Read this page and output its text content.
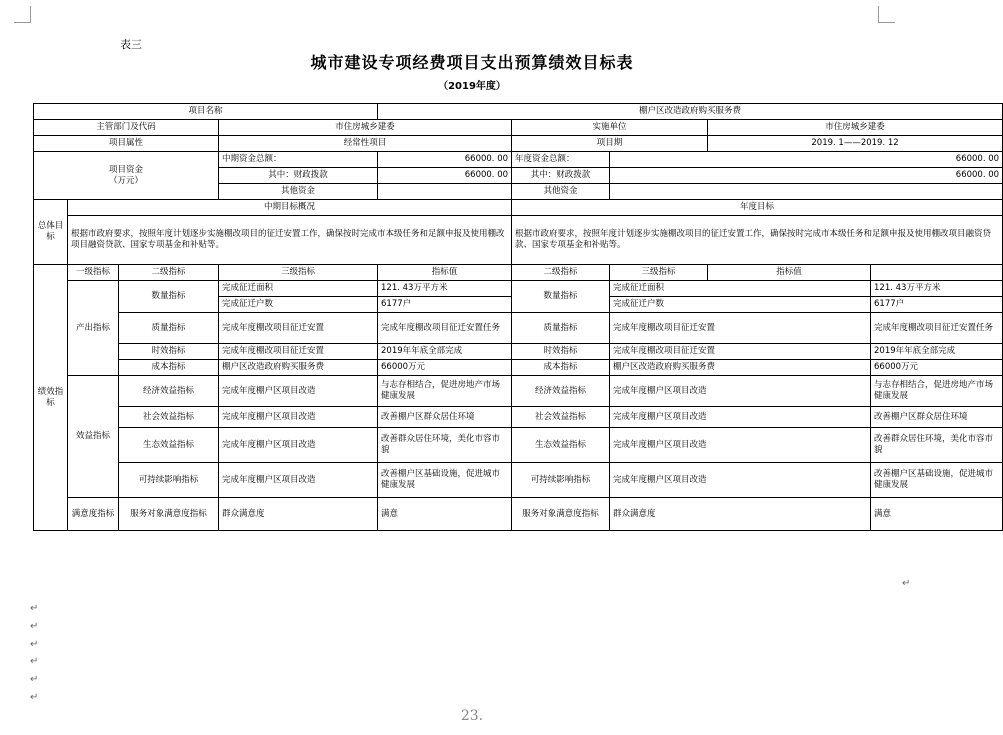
表三
城市建设专项经费项目支出预算绩效目标表
（2019年度）
项目名称				棚户区改造政府购买服务费				
主管部门及代码			市住房城乡建委		实施单位		市住房城乡建委	
项目属性			经常性项目		项目期		2019. 1——2019. 12	

项目资金
（万元）			中期资金总额：	66000. 00	年度资金总额：	66000. 00		
			其中：财政拨款	66000. 00	其中：财政拨款	66000. 00		
			其他资金		其他资金			
总体目标	中期目标概况				年度目标			
	根据市政府要求，按照年度计划逐步实施棚改项目的征迁安置工作，确保按时完成市本级任务和足额申报及使用棚改项目融资贷款、国家专项基金和补贴等。				根据市政府要求，按照年度计划逐步实施棚改项目的征迁安置工作，确保按时完成市本级任务和足额申报及使用棚改项目融资贷款、国家专项基金和补贴等。			
绩效指标	一级指标	二级指标	三级指标	指标值	二级指标	三级指标	指标值	
	产出指标	数量指标	完成征迁面积	121. 43万平方米	数量指标	完成征迁面积		121. 43万平方米
			完成征迁户数	6177户		完成征迁户数		6177户
		质量指标	完成年度棚改项目征迁安置	完成年度棚改项目征迁安置任务	质量指标	完成年度棚改项目征迁安置		完成年度棚改项目征迁安置任务
		时效指标	完成年度棚改项目征迁安置	2019年年底全部完成	时效指标	完成年度棚改项目征迁安置		2019年年底全部完成
		成本指标	棚户区改造政府购买服务费	66000万元	成本指标	棚户区改造政府购买服务费		66000万元
	效益指标	经济效益指标	完成年度棚户区项目改造	与志存相结合，促进房地产市场健康发展	经济效益指标	完成年度棚户区项目改造		与志存相结合，促进房地产市场健康发展
		社会效益指标	完成年度棚户区项目改造	改善棚户区群众居住环境	社会效益指标	完成年度棚户区项目改造		改善棚户区群众居住环境
		生态效益指标	完成年度棚户区项目改造	改善群众居住环境，美化市容市貌	生态效益指标	完成年度棚户区项目改造		改善群众居住环境，美化市容市貌
		可持续影响指标	完成年度棚户区项目改造	改善棚户区基础设施，促进城市健康发展	可持续影响指标	完成年度棚户区项目改造		改善棚户区基础设施，促进城市健康发展
	满意度指标	服务对象满意度指标	群众满意度	满意	服务对象满意度指标	群众满意度		满意
↵
↵
↵
↵
↵
↵
↵
23.
